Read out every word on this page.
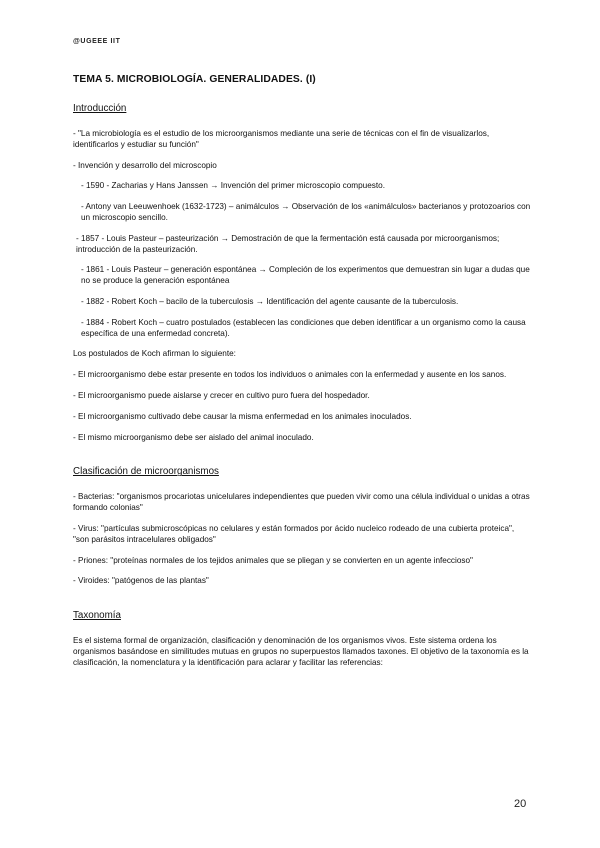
@UGEEE IIT
TEMA 5. MICROBIOLOGÍA. GENERALIDADES. (I)
Introducción
- "La microbiología es el estudio de los microorganismos mediante una serie de técnicas con el fin de visualizarlos, identificarlos y estudiar su función"
- Invención y desarrollo del microscopio
- 1590 - Zacharias y Hans Janssen → Invención del primer microscopio compuesto.
- Antony van Leeuwenhoek (1632-1723) – animálculos → Observación de los «animálculos» bacterianos y protozoarios con un microscopio sencillo.
- 1857 - Louis Pasteur – pasteurización → Demostración de que la fermentación está causada por microorganismos; introducción de la pasteurización.
- 1861 - Louis Pasteur – generación espontánea → Compleción de los experimentos que demuestran sin lugar a dudas que no se produce la generación espontánea
- 1882 - Robert Koch – bacilo de la tuberculosis → Identificación del agente causante de la tuberculosis.
- 1884 - Robert Koch – cuatro postulados (establecen las condiciones que deben identificar a un organismo como la causa específica de una enfermedad concreta).
Los postulados de Koch afirman lo siguiente:
- El microorganismo debe estar presente en todos los individuos o animales con la enfermedad y ausente en los sanos.
- El microorganismo puede aislarse y crecer en cultivo puro fuera del hospedador.
- El microorganismo cultivado debe causar la misma enfermedad en los animales inoculados.
- El mismo microorganismo debe ser aislado del animal inoculado.
Clasificación de microorganismos
- Bacterias: "organismos procariotas unicelulares independientes que pueden vivir como una célula individual o unidas a otras formando colonias"
- Virus: "partículas submicroscópicas no celulares y están formados por ácido nucleico rodeado de una cubierta proteica", "son parásitos intracelulares obligados"
- Priones: "proteínas normales de los tejidos animales que se pliegan y se convierten en un agente infeccioso"
- Viroides: "patógenos de las plantas"
Taxonomía
Es el sistema formal de organización, clasificación y denominación de los organismos vivos. Este sistema ordena los organismos basándose en similitudes mutuas en grupos no superpuestos llamados taxones. El objetivo de la taxonomía es la clasificación, la nomenclatura y la identificación para aclarar y facilitar las referencias:
20
